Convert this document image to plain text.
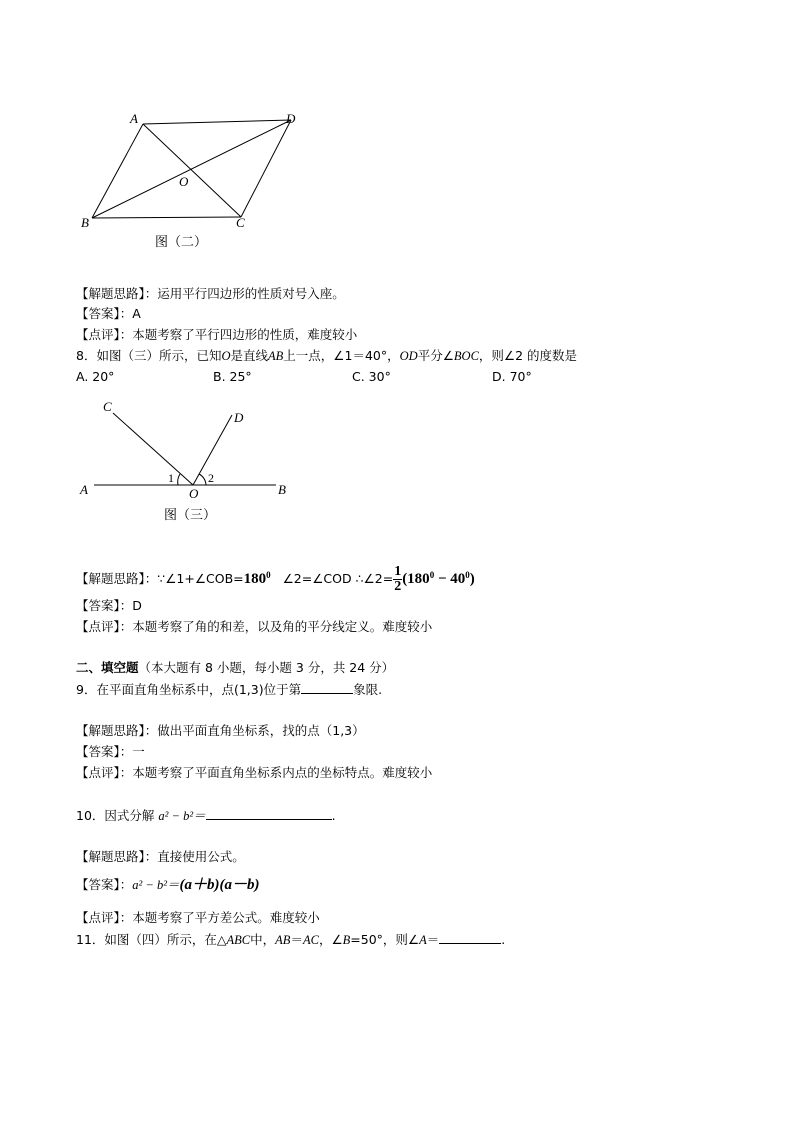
A	D
O
B	C
图（二）
【解题思路】：运用平行四边形的性质对号入座。
【答案】：A
【点评】：本题考察了平行四边形的性质，难度较小
8．如图（三）所示，已知O是直线AB上一点，∠1＝40°，OD平分∠BOC，则∠2 的度数是
A. 20°	B. 25°	C. 30°	D. 70°
C
D
A	B
O
1	2
图（三）
【解题思路】：$\because\angle 1+\angle COB=180^0$ ∠2=∠COD ∴∠2= $\frac{1}{2} (180^0 - 40^0)$
【答案】：D
【点评】：本题考察了角的和差，以及角的平分线定义。难度较小
二、填空题（本大题有 8 小题，每小题 3 分，共 24 分）
9．在平面直角坐标系中，点(1,3)位于第	象限.
【解题思路】：做出平面直角坐标系，找的点（1,3）
【答案】：一
【点评】：本题考察了平面直角坐标系内点的坐标特点。难度较小
10．因式分解 a² − b²＝	.
【解题思路】：直接使用公式。
【答案】：a² − b²＝(a＋b)(a－b)
【点评】：本题考察了平方差公式。难度较小
11．如图（四）所示，在△ABC中，AB＝AC，∠B=50°，则∠A＝	.
